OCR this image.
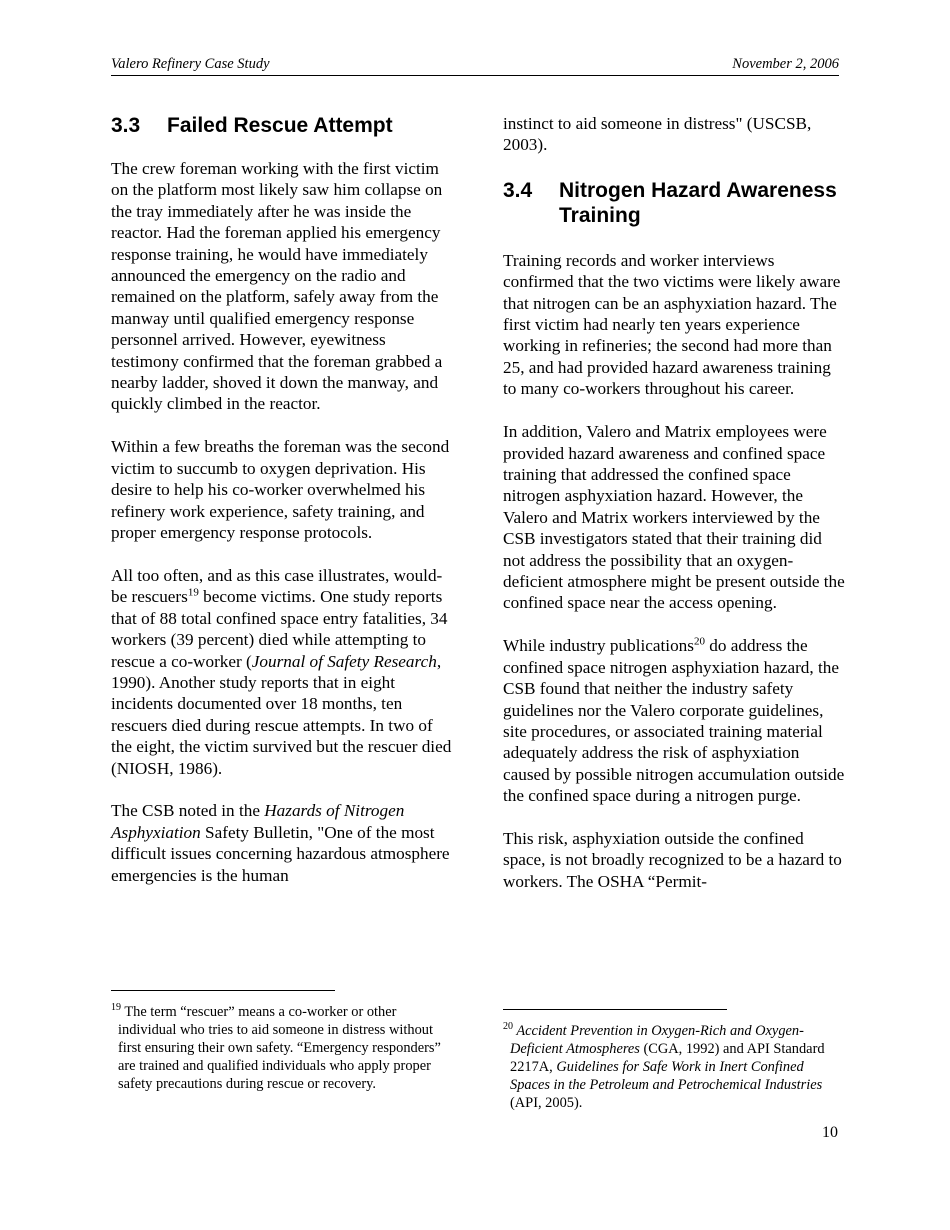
Valero Refinery Case Study	November 2, 2006
3.3 Failed Rescue Attempt

The crew foreman working with the first victim on the platform most likely saw him collapse on the tray immediately after he was inside the reactor. Had the foreman applied his emergency response training, he would have immediately announced the emergency on the radio and remained on the platform, safely away from the manway until qualified emergency response personnel arrived. However, eyewitness testimony confirmed that the foreman grabbed a nearby ladder, shoved it down the manway, and quickly climbed in the reactor.

Within a few breaths the foreman was the second victim to succumb to oxygen deprivation. His desire to help his co-worker overwhelmed his refinery work experience, safety training, and proper emergency response protocols.

All too often, and as this case illustrates, would-be rescuers$^{19}$ become victims. One study reports that of 88 total confined space entry fatalities, 34 workers (39 percent) died while attempting to rescue a co-worker (Journal of Safety Research, 1990). Another study reports that in eight incidents documented over 18 months, ten rescuers died during rescue attempts. In two of the eight, the victim survived but the rescuer died (NIOSH, 1986).

The CSB noted in the Hazards of Nitrogen Asphyxiation Safety Bulletin, "One of the most difficult issues concerning hazardous atmosphere emergencies is the human

instinct to aid someone in distress" (USCSB, 2003).

3.4	Nitrogen Hazard Awareness Training

Training records and worker interviews confirmed that the two victims were likely aware that nitrogen can be an asphyxiation hazard. The first victim had nearly ten years experience working in refineries; the second had more than 25, and had provided hazard awareness training to many co-workers throughout his career.

In addition, Valero and Matrix employees were provided hazard awareness and confined space training that addressed the confined space nitrogen asphyxiation hazard. However, the Valero and Matrix workers interviewed by the CSB investigators stated that their training did not address the possibility that an oxygen-deficient atmosphere might be present outside the confined space near the access opening.

While industry publications$^{20}$ do address the confined space nitrogen asphyxiation hazard, the CSB found that neither the industry safety guidelines nor the Valero corporate guidelines, site procedures, or associated training material adequately address the risk of asphyxiation caused by possible nitrogen accumulation outside the confined space during a nitrogen purge.

This risk, asphyxiation outside the confined space, is not broadly recognized to be a hazard to workers. The OSHA “Permit-

$^{19}$ The term “rescuer” means a co-worker or other individual who tries to aid someone in distress without first ensuring their own safety. “Emergency responders” are trained and qualified individuals who apply proper safety precautions during rescue or recovery.
$^{20}$ Accident Prevention in Oxygen-Rich and Oxygen-Deficient Atmospheres (CGA, 1992) and API Standard 2217A, Guidelines for Safe Work in Inert Confined Spaces in the Petroleum and Petrochemical Industries (API, 2005).
10
